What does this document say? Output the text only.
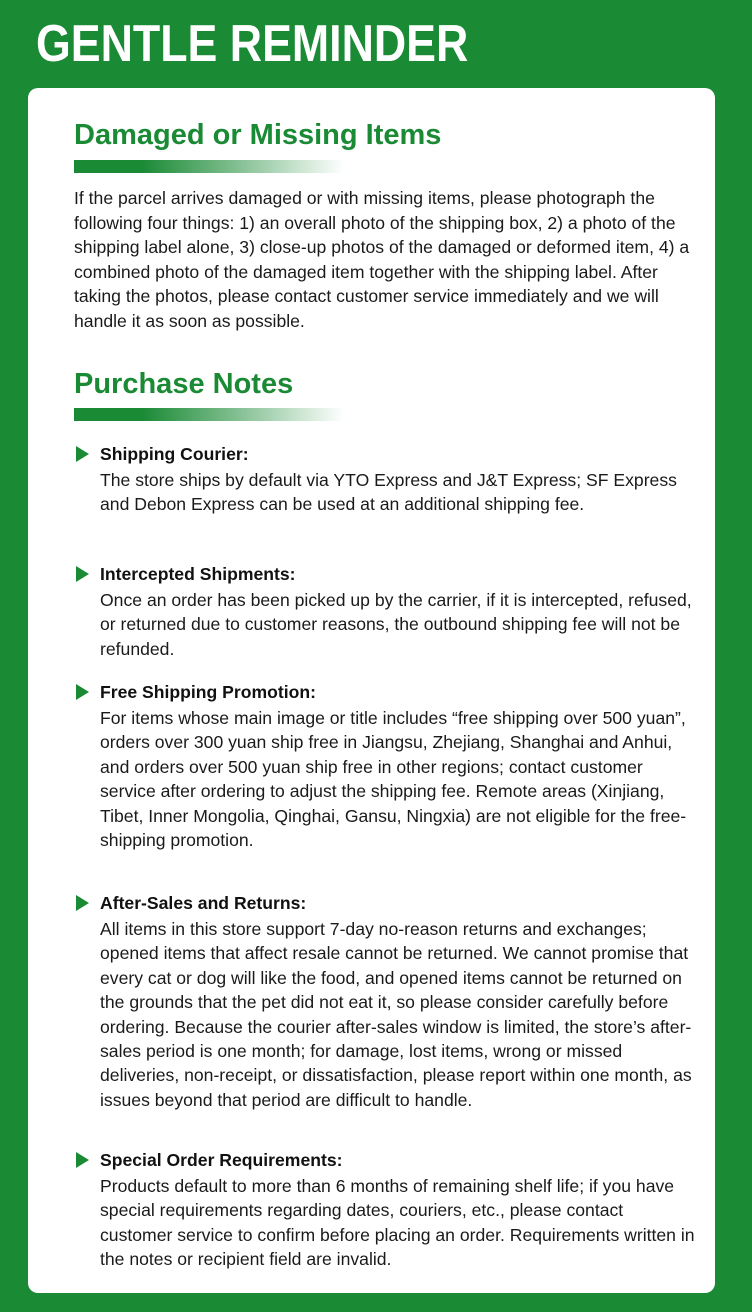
GENTLE REMINDER
Damaged or Missing Items

If the parcel arrives damaged or with missing items, please photograph the following four things: 1) an overall photo of the shipping box, 2) a photo of the shipping label alone, 3) close-up photos of the damaged or deformed item, 4) a combined photo of the damaged item together with the shipping label. After taking the photos, please contact customer service immediately and we will handle it as soon as possible.

Purchase Notes
Shipping Courier:
The store ships by default via YTO Express and J&T Express; SF Express and Debon Express can be used at an additional shipping fee.
Intercepted Shipments:
Once an order has been picked up by the carrier, if it is intercepted, refused, or returned due to customer reasons, the outbound shipping fee will not be refunded.
Free Shipping Promotion:
For items whose main image or title includes “free shipping over 500 yuan”, orders over 300 yuan ship free in Jiangsu, Zhejiang, Shanghai and Anhui, and orders over 500 yuan ship free in other regions; contact customer service after ordering to adjust the shipping fee. Remote areas (Xinjiang, Tibet, Inner Mongolia, Qinghai, Gansu, Ningxia) are not eligible for the free-shipping promotion.
After-Sales and Returns:
All items in this store support 7-day no-reason returns and exchanges; opened items that affect resale cannot be returned. We cannot promise that every cat or dog will like the food, and opened items cannot be returned on the grounds that the pet did not eat it, so please consider carefully before ordering. Because the courier after-sales window is limited, the store’s after-sales period is one month; for damage, lost items, wrong or missed deliveries, non-receipt, or dissatisfaction, please report within one month, as issues beyond that period are difficult to handle.
Special Order Requirements:
Products default to more than 6 months of remaining shelf life; if you have special requirements regarding dates, couriers, etc., please contact customer service to confirm before placing an order. Requirements written in the notes or recipient field are invalid.
